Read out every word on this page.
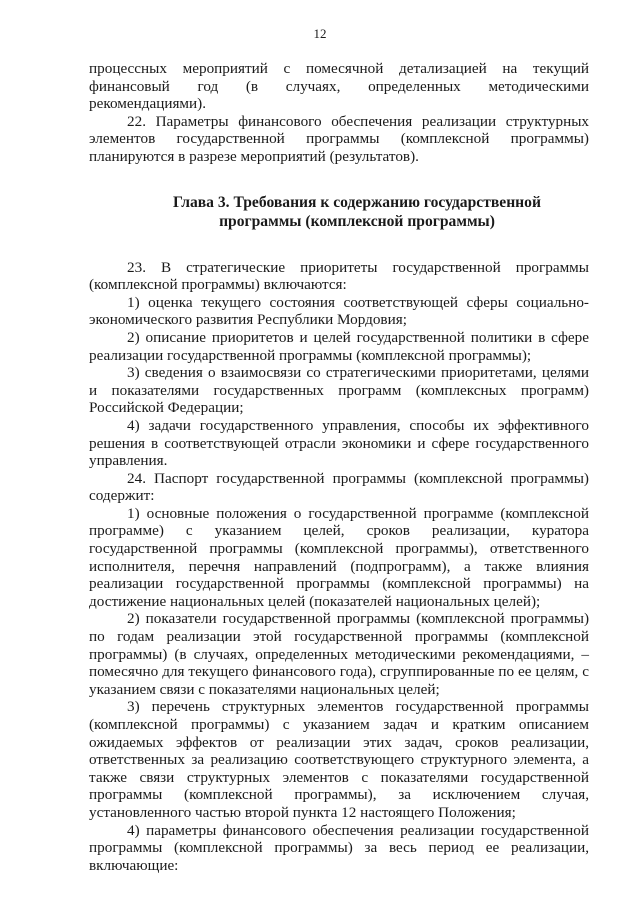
12

процессных мероприятий с помесячной детализацией на текущий финансовый год (в случаях, определенных методическими рекомендациями).

22. Параметры финансового обеспечения реализации структурных элементов государственной программы (комплексной программы) планируются в разрезе мероприятий (результатов).

Глава 3. Требования к содержанию государственной
программы (комплексной программы)

23. В стратегические приоритеты государственной программы (комплексной программы) включаются:

1) оценка текущего состояния соответствующей сферы социально-экономического развития Республики Мордовия;

2) описание приоритетов и целей государственной политики в сфере реализации государственной программы (комплексной программы);

3) сведения о взаимосвязи со стратегическими приоритетами, целями и показателями государственных программ (комплексных программ) Российской Федерации;

4) задачи государственного управления, способы их эффективного решения в соответствующей отрасли экономики и сфере государственного управления.

24. Паспорт государственной программы (комплексной программы) содержит:

1) основные положения о государственной программе (комплексной программе) с указанием целей, сроков реализации, куратора государственной программы (комплексной программы), ответственного исполнителя, перечня направлений (подпрограмм), а также влияния реализации государственной программы (комплексной программы) на достижение национальных целей (показателей национальных целей);

2) показатели государственной программы (комплексной программы) по годам реализации этой государственной программы (комплексной программы) (в случаях, определенных методическими рекомендациями, – помесячно для текущего финансового года), сгруппированные по ее целям, с указанием связи с показателями национальных целей;

3) перечень структурных элементов государственной программы (комплексной программы) с указанием задач и кратким описанием ожидаемых эффектов от реализации этих задач, сроков реализации, ответственных за реализацию соответствующего структурного элемента, а также связи структурных элементов с показателями государственной программы (комплексной программы), за исключением случая, установленного частью второй пункта 12 настоящего Положения;

4) параметры финансового обеспечения реализации государственной программы (комплексной программы) за весь период ее реализации, включающие:
